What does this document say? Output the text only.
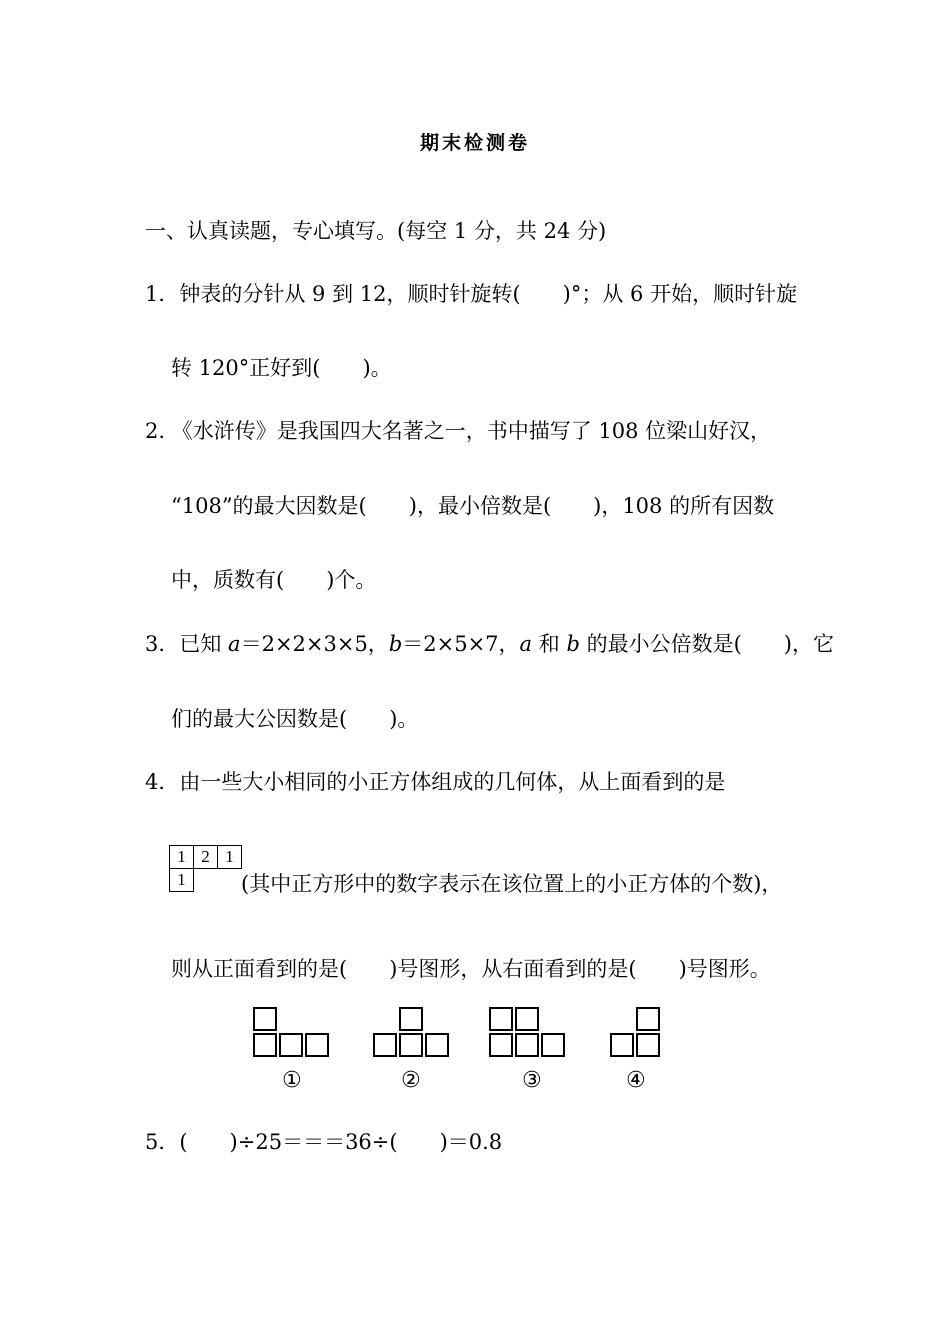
期末检测卷
一、认真读题，专心填写。(每空 1 分，共 24 分)
1．钟表的分针从 9 到 12，顺时针旋转(　　)°；从 6 开始，顺时针旋
转 120°正好到(　　)。
2. 《水浒传》是我国四大名著之一，书中描写了 108 位梁山好汉，
“108”的最大因数是(　　)，最小倍数是(　　)，108 的所有因数
中，质数有(　　)个。
3．已知 a＝2×2×3×5，b＝2×5×7，a 和 b 的最小公倍数是(　　)，它
们的最大公因数是(　　)。
4．由一些大小相同的小正方体组成的几何体，从上面看到的是
1 2 1
1	(其中正方形中的数字表示在该位置上的小正方体的个数)，
则从正面看到的是(　　)号图形，从右面看到的是(　　)号图形。
①	②	③	④
5．(　　)÷25＝＝＝36÷(　　)＝0.8
